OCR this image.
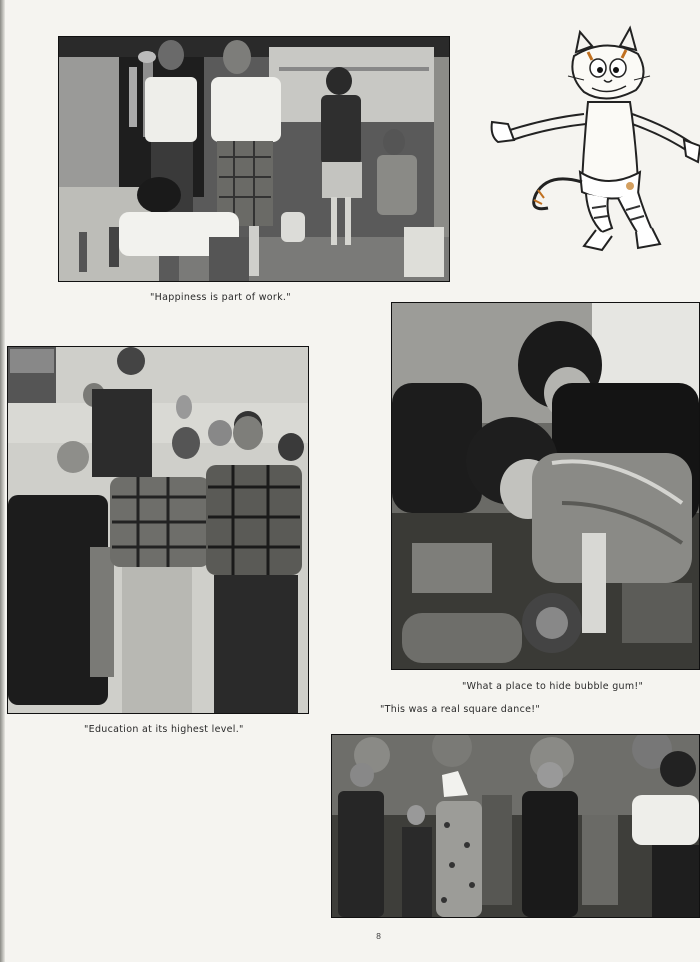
"Happiness is part of work."
"Education at its highest level."
"What a place to hide bubble gum!"
"This was a real square dance!"
8
